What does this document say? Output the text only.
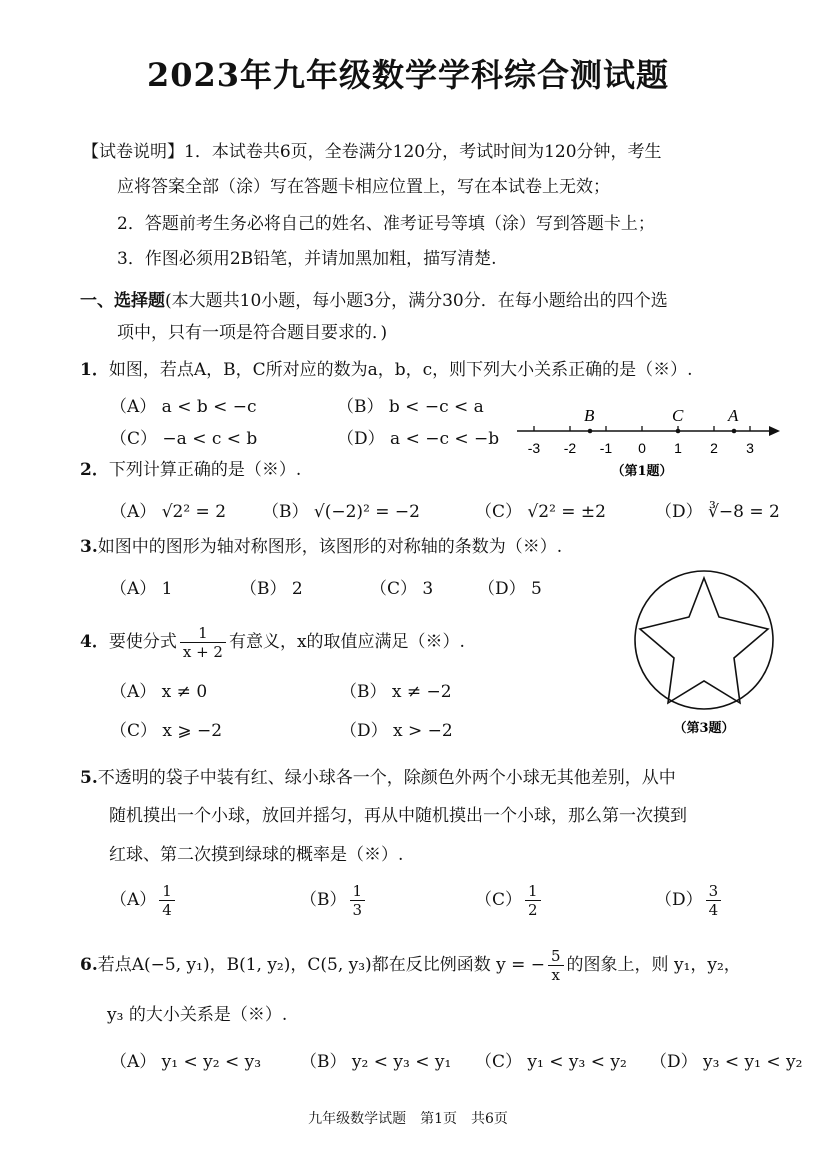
2023年九年级数学学科综合测试题
【试卷说明】1．本试卷共6页，全卷满分120分，考试时间为120分钟，考生
应将答案全部（涂）写在答题卡相应位置上，写在本试卷上无效；
2．答题前考生务必将自己的姓名、准考证号等填（涂）写到答题卡上；
3．作图必须用2B铅笔，并请加黑加粗，描写清楚.
一、选择题(本大题共10小题，每小题3分，满分30分．在每小题给出的四个选
项中，只有一项是符合题目要求的．)
1．如图，若点A，B，C所对应的数为a，b，c，则下列大小关系正确的是（※）.
（A） a < b < −c	（B） b < −c < a
（C） −a < c < b	（D） a < −c < −b
B	C	A
-3 -2 -1 0 1 2 3
（第1题）
2．下列计算正确的是（※）.
（A） √2² = 2 （B） √(−2)² = −2	（C） √2² = ±2	（D） ∛−8 = 2
3.如图中的图形为轴对称图形，该图形的对称轴的条数为（※）.
（A） 1	（B） 2	（C） 3	（D） 5
（第3题）
4．要使分式 $\frac{1}{x + 2}$ 有意义，x的取值应满足（※）.
（A） x ≠ 0	（B） x ≠ −2
（C） x ⩾ −2	（D） x > −2
5.不透明的袋子中装有红、绿小球各一个，除颜色外两个小球无其他差别，从中
随机摸出一个小球，放回并摇匀，再从中随机摸出一个小球，那么第一次摸到
红球、第二次摸到绿球的概率是（※）.
$(A) \frac{1}{4}$	$(B) \frac{1}{3}$	$(C) \frac{1}{2}$	$(D) \frac{3}{4}$
6.若点A(−5, y₁)，B(1, y₂)，C(5, y₃)都在反比例函数 y = − $\frac{5}{x}$ 的图象上，则 y₁，y₂，
y₃ 的大小关系是（※）.
（A） y₁ < y₂ < y₃ （B） y₂ < y₃ < y₁ （C） y₁ < y₃ < y₂ （D） y₃ < y₁ < y₂
九年级数学试题　第1页　共6页
